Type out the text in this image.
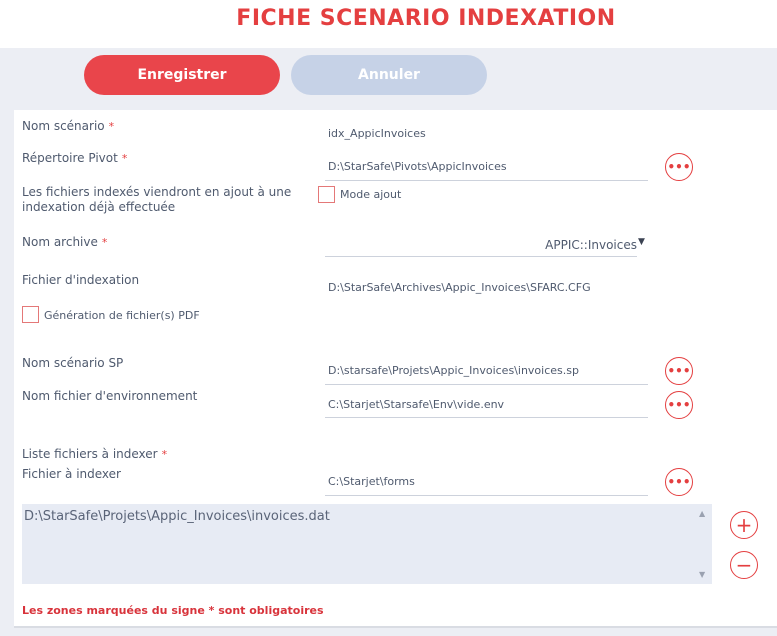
FICHE SCENARIO INDEXATION
Enregistrer	Annuler
Nom scénario *
idx_AppicInvoices
Répertoire Pivot *
D:\StarSafe\Pivots\AppicInvoices	•••
Les fichiers indexés viendront en ajout à une indexation déjà effectuée
Mode ajout
Nom archive *	APPIC::Invoices ▼
Fichier d'indexation
D:\StarSafe\Archives\Appic_Invoices\SFARC.CFG
Génération de fichier(s) PDF
Nom scénario SP
D:\starsafe\Projets\Appic_Invoices\invoices.sp	•••
Nom fichier d'environnement
C:\Starjet\Starsafe\Env\vide.env	•••
Liste fichiers à indexer *
Fichier à indexer
C:\Starjet\forms	•••
D:\StarSafe\Projets\Appic_Invoices\invoices.dat	▲
▼
+
−
Les zones marquées du signe * sont obligatoires
